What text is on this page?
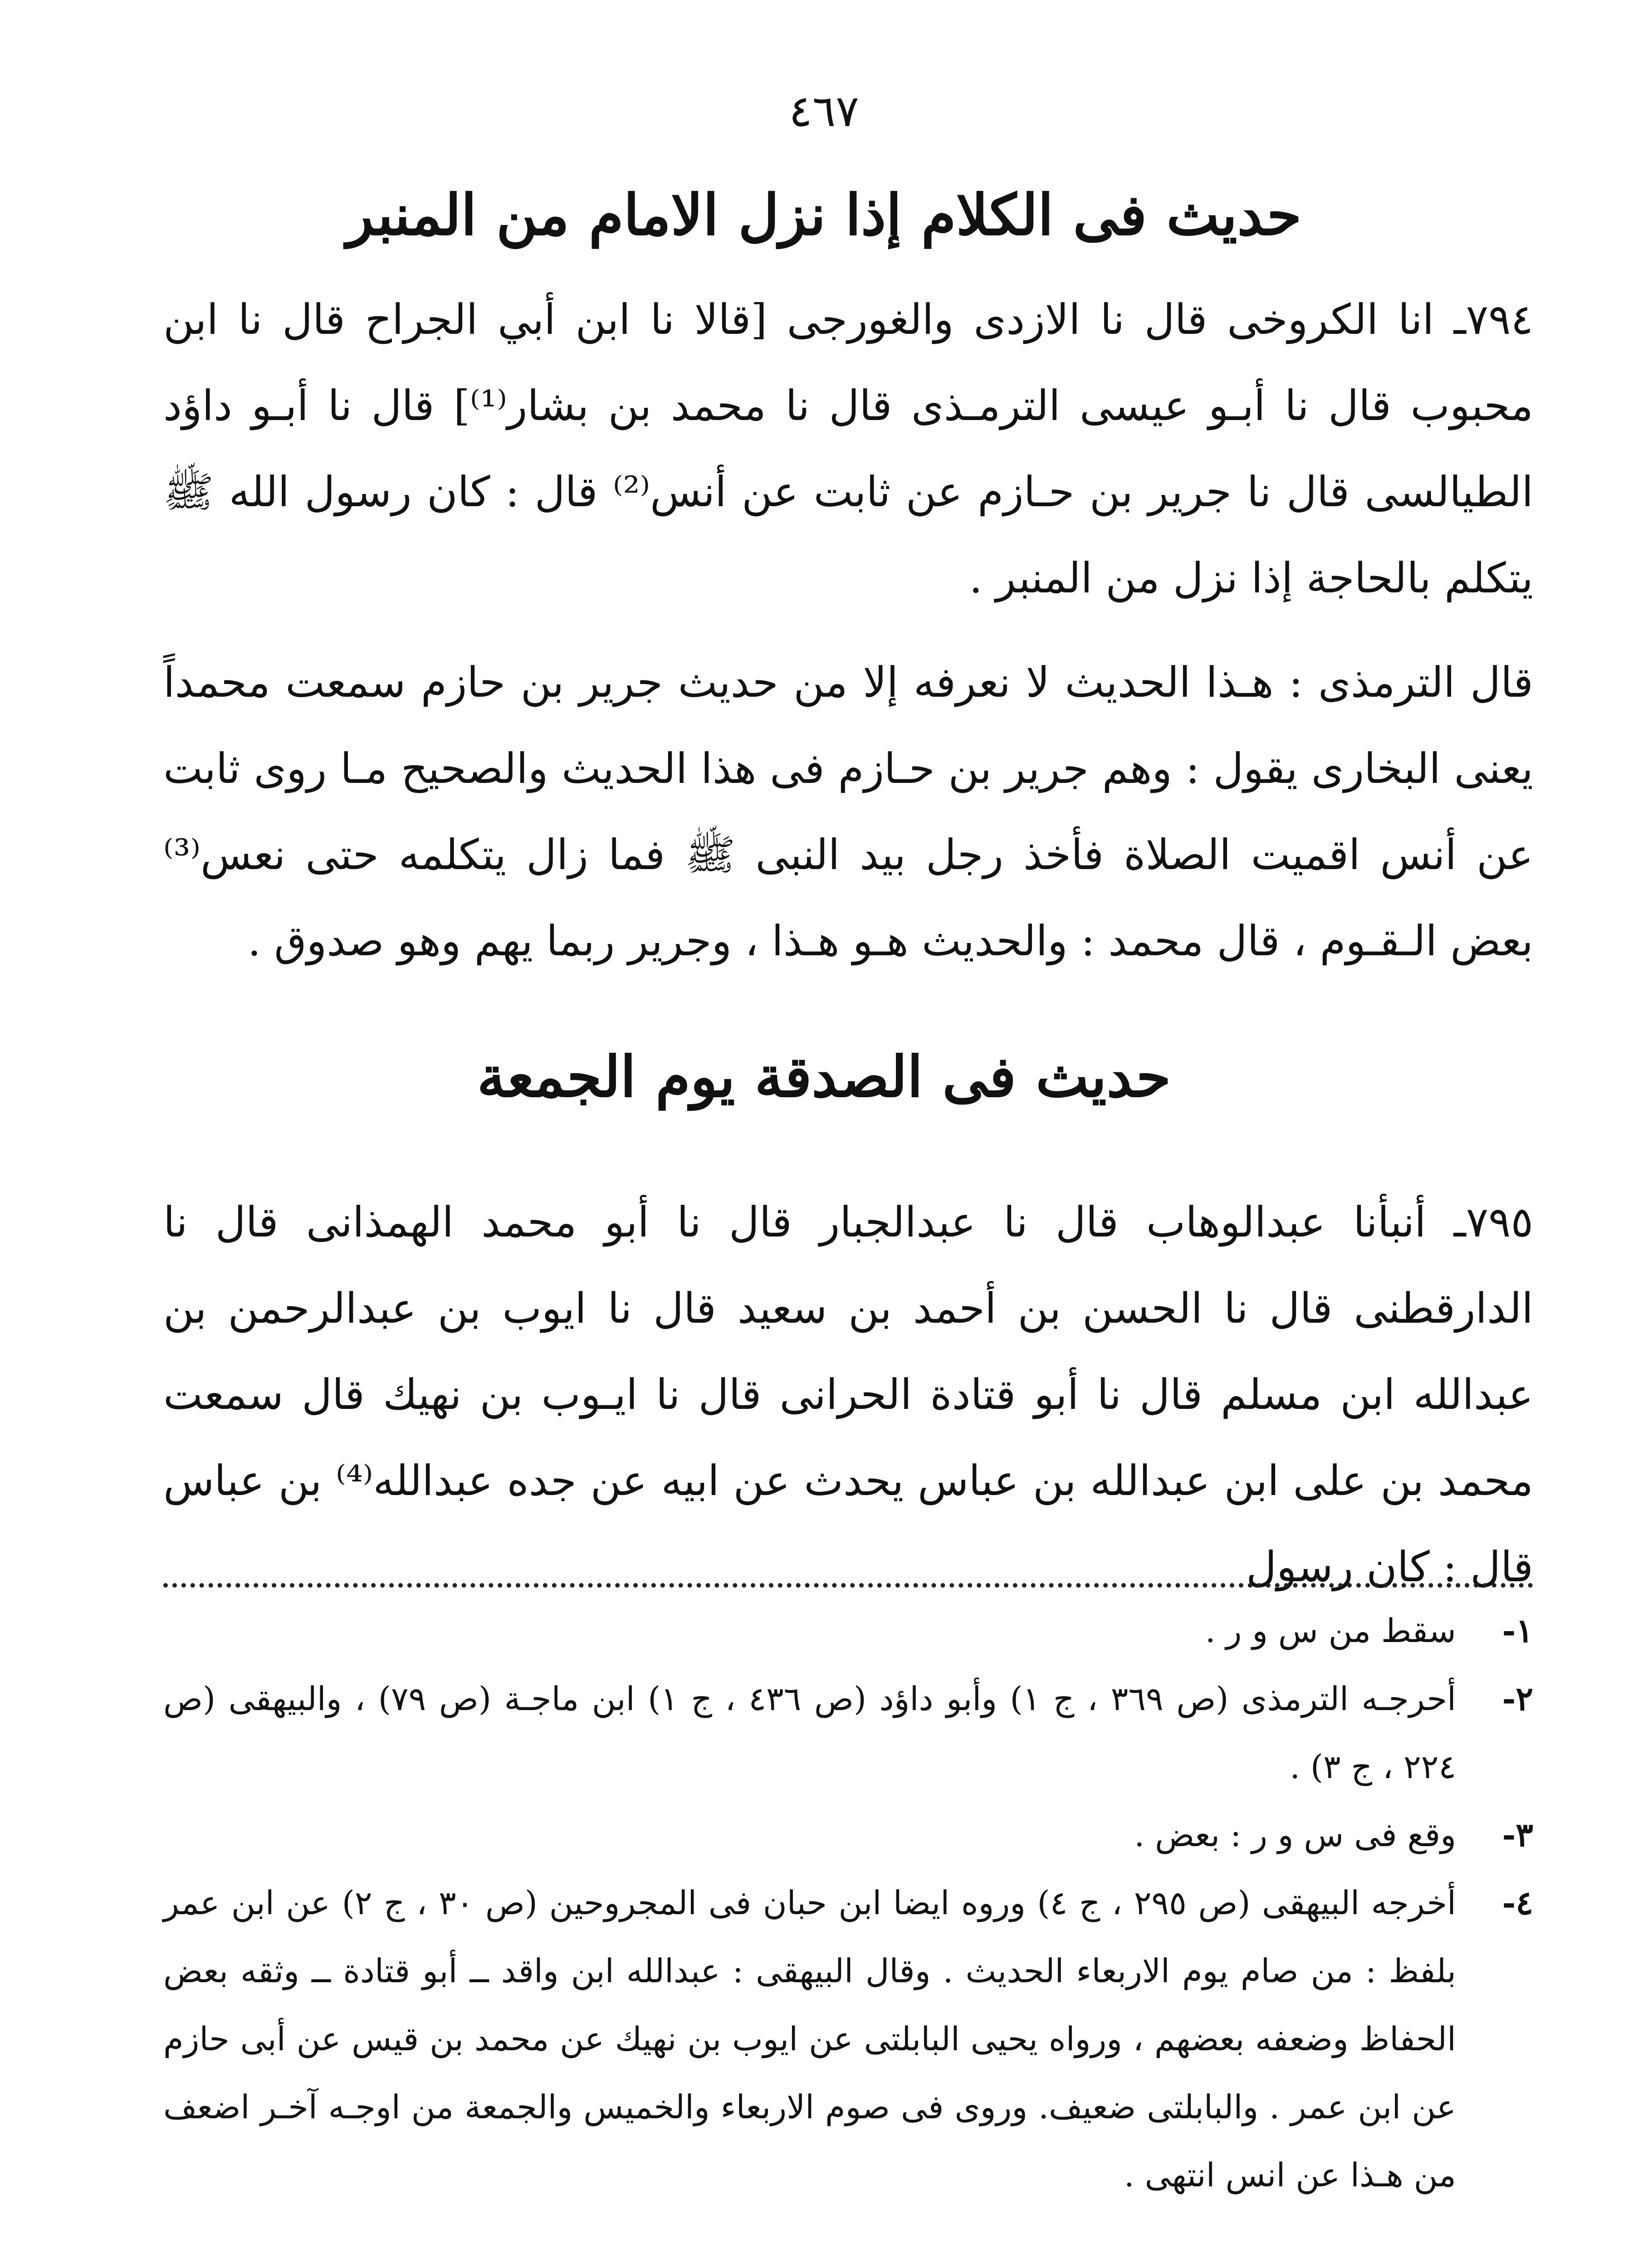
٤٦٧
حديث فى الكلام إذا نزل الامام من المنبر
٧٩٤ـ انا الكروخى قال نا الازدى والغورجى [قالا نا ابن أبي الجراح قال نا ابن محبوب قال نا أبـو عيسى الترمـذى قال نا محمد بن بشار⁽¹⁾] قال نا أبـو داؤد الطيالسى قال نا جرير بن حـازم عن ثابت عن أنس⁽²⁾ قال : كان رسول الله ﷺ يتكلم بالحاجة إذا نزل من المنبر .
قال الترمذى : هـذا الحديث لا نعرفه إلا من حديث جرير بن حازم سمعت محمداً يعنى البخارى يقول : وهم جرير بن حـازم فى هذا الحديث والصحيح مـا روى ثابت عن أنس اقميت الصلاة فأخذ رجل بيد النبى ﷺ فما زال يتكلمه حتى نعس⁽³⁾ بعض الـقـوم ، قال محمد : والحديث هـو هـذا ، وجرير ربما يهم وهو صدوق .
حديث فى الصدقة يوم الجمعة
٧٩٥ـ أنبأنا عبدالوهاب قال نا عبدالجبار قال نا أبو محمد الهمذانى قال نا الدارقطنى قال نا الحسن بن أحمد بن سعيد قال نا ايوب بن عبدالرحمن بن عبدالله ابن مسلم قال نا أبو قتادة الحرانى قال نا ايـوب بن نهيك قال سمعت محمد بن على ابن عبدالله بن عباس يحدث عن ابيه عن جده عبدالله⁽⁴⁾ بن عباس قال : كان رسول
١-
سقط من س و ر .
٢-
أحرجـه الترمذى (ص ٣٦٩ ، ج ١) وأبو داؤد (ص ٤٣٦ ، ج ١) ابن ماجـة (ص ٧٩) ، والبيهقى (ص ٢٢٤ ، ج ٣) .
٣-
وقع فى س و ر : بعض .
٤-
أخرجه البيهقى (ص ٢٩٥ ، ج ٤) وروه ايضا ابن حبان فى المجروحين (ص ٣٠ ، ج ٢) عن ابن عمر بلفظ : من صام يوم الاربعاء الحديث . وقال البيهقى : عبدالله ابن واقد ــ أبو قتادة ــ وثقه بعض الحفاظ وضعفه بعضهم ، ورواه يحيى البابلتى عن ايوب بن نهيك عن محمد بن قيس عن أبى حازم عن ابن عمر . والبابلتى ضعيف. وروى فى صوم الاربعاء والخميس والجمعة من اوجـه آخـر اضعف من هـذا عن انس انتهى .
